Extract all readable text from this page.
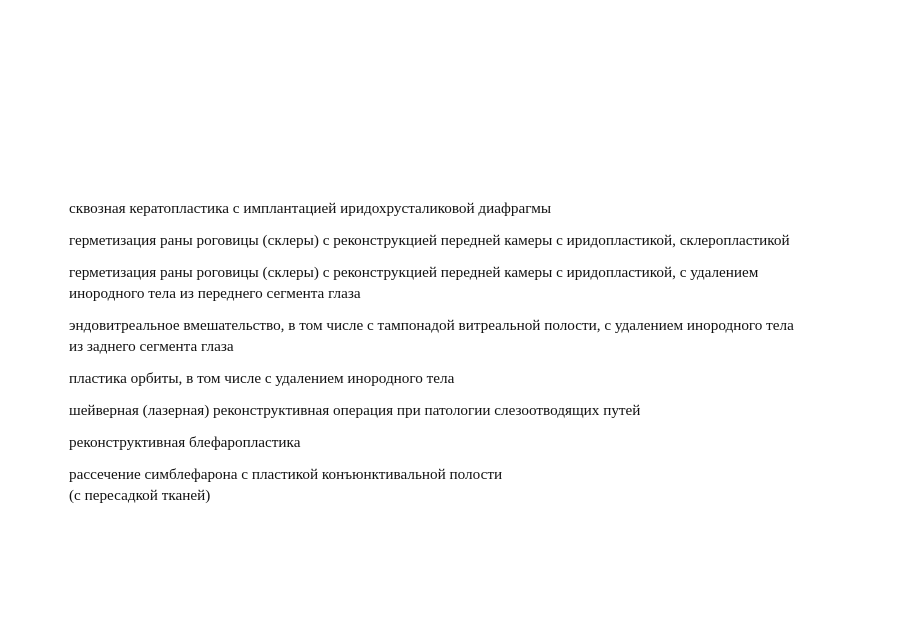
сквозная кератопластика с имплантацией иридохрусталиковой диафрагмы

герметизация раны роговицы (склеры) с реконструкцией передней камеры с иридопластикой, склеропластикой

герметизация раны роговицы (склеры) с реконструкцией передней камеры с иридопластикой, с удалением
инородного тела из переднего сегмента глаза

эндовитреальное вмешательство, в том числе с тампонадой витреальной полости, с удалением инородного тела
из заднего сегмента глаза

пластика орбиты, в том числе с удалением инородного тела

шейверная (лазерная) реконструктивная операция при патологии слезоотводящих путей

реконструктивная блефаропластика

рассечение симблефарона с пластикой конъюнктивальной полости
(с пересадкой тканей)
